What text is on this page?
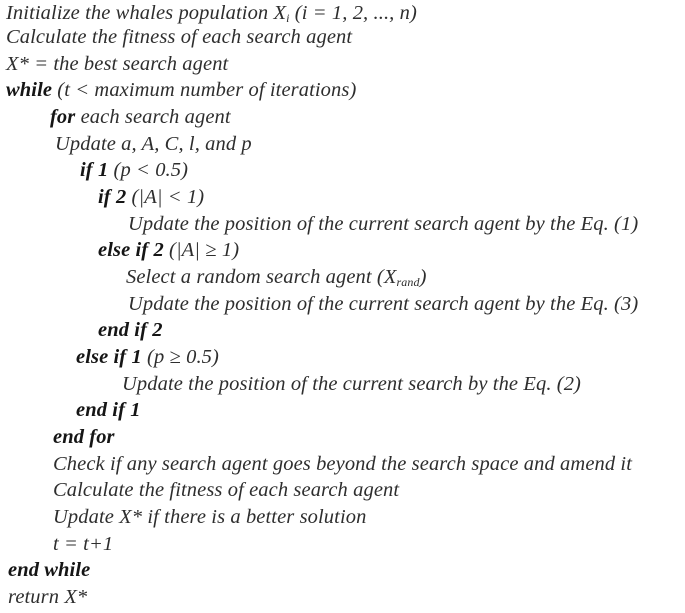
Initialize the whales population $X_i$ (i = 1, 2, ..., n)
Calculate the fitness of each search agent
X* = the best search agent
while (t < maximum number of iterations)
for each search agent
Update a, A, C, l, and p
if 1 (p < 0.5)
if 2 (|A| < 1)
Update the position of the current search agent by the Eq. (1)
else if 2 (|A| ≥ 1)
Select a random search agent $(X_{rand})$
Update the position of the current search agent by the Eq. (3)
end if 2
else if 1 (p ≥ 0.5)
Update the position of the current search by the Eq. (2)
end if 1
end for
Check if any search agent goes beyond the search space and amend it
Calculate the fitness of each search agent
Update X* if there is a better solution
t = t+1
end while
return X*
